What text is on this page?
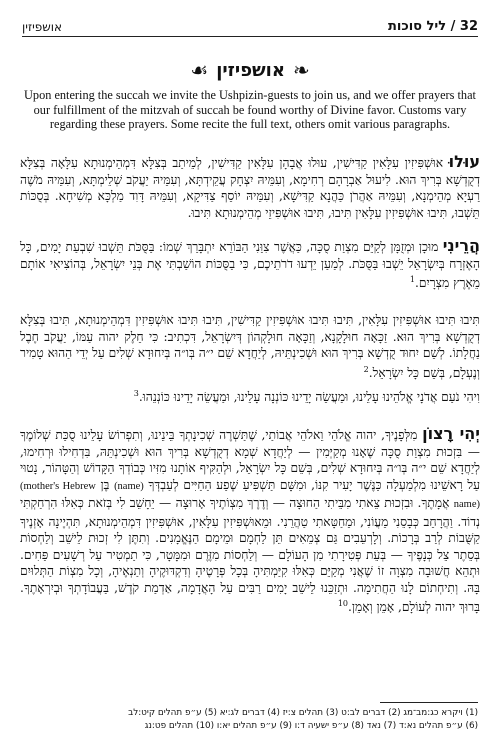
אושפיזין	32 / ליל סוכות
❧
אושפיזין
☙
Upon entering the succah we invite the Ushpizin-guests to join us, and we offer prayers that our fulfillment of the mitzvah of succah be found worthy of Divine favor. Customs vary regarding these prayers. Some recite the full text, others omit various paragraphs.
עוּלוּ אוּשְׁפִּיזִין עִלָּאִין קַדִּישִׁין, עוּלוּ אֲבָהָן עִלָּאִין קַדִּישִׁין, לְמֵיתַב בְּצִלָּא דִּמְהֵימְנוּתָא עִלָּאָה בְּצִלָּא דְקֻדְשָׁא בְּרִיךְ הוּא. לִיעוּל אַבְרָהָם רְחִימָא, וְעִמֵּיהּ יִצְחָק עֲקֵידְתָּא, וְעִמֵּיהּ יַעֲקֹב שְׁלֵימְתָּא, וְעִמֵּיהּ מֹשֶׁה רַעְיָא מְהֵימְנָא, וְעִמֵּיהּ אַהֲרֹן כַּהֲנָא קַדִּישָׁא, וְעִמֵּיהּ יוֹסֵף צַדִּיקָא, וְעִמֵּיהּ דָּוִד מַלְכָּא מְשִׁיחָא. בְּסֻכּוֹת תֵּשְׁבוּ, תִּיבוּ אוּשְׁפִּיזִין עִלָּאִין תִּיבוּ, תִּיבוּ אוּשְׁפִּיזֵי מְהֵימְנוּתָא תִּיבוּ.
הֲרֵינִי מוּכָן וּמְזֻמָּן לְקַיֵּם מִצְוַת סֻכָּה, כַּאֲשֶׁר צִוַּנִי הַבּוֹרֵא יִתְבָּרַךְ שְׁמוֹ: בַּסֻּכֹּת תֵּשְׁבוּ שִׁבְעַת יָמִים, כָּל הָאֶזְרָח בְּיִשְׂרָאֵל יֵשְׁבוּ בַּסֻּכֹּת. לְמַעַן יֵדְעוּ דֹרֹתֵיכֶם, כִּי בַסֻּכּוֹת הוֹשַׁבְתִּי אֶת בְּנֵי יִשְׂרָאֵל, בְּהוֹצִיאִי אוֹתָם מֵאֶרֶץ מִצְרָיִם.$^1$
תִּיבוּ תִּיבוּ אוּשְׁפִּיזִין עִלָּאִין, תִּיבוּ תִּיבוּ אוּשְׁפִּיזִין קַדִּישִׁין, תִּיבוּ תִּיבוּ אוּשְׁפִּיזִין דִּמְהֵימְנוּתָא, תִּיבוּ בְּצִלָּא דְקֻדְשָׁא בְּרִיךְ הוּא. זַכָּאָה חוּלָקָנָא, וְזַכָּאָה חוּלָקְהוֹן דְּיִשְׂרָאֵל, דִּכְתִיב: כִּי חֵלֶק יהוה עַמּוֹ, יַעֲקֹב חֶבֶל נַחֲלָתוֹ. לְשֵׁם יִחוּד קֻדְשָׁא בְּרִיךְ הוּא וּשְׁכִינְתֵּיהּ, לְיַחֲדָא שֵׁם י״ה בְּו״ה בְּיִחוּדָא שְׁלִים עַל יְדֵי הַהוּא טָמִיר וְנֶעְלָם, בְּשֵׁם כָּל יִשְׂרָאֵל.$^2$
וִיהִי נֹעַם אֲדֹנָי אֱלֹהֵינוּ עָלֵינוּ, וּמַעֲשֵׂה יָדֵינוּ כּוֹנְנָה עָלֵינוּ, וּמַעֲשֵׂה יָדֵינוּ כּוֹנְנֵהוּ.$^3$
יְהִי רָצוֹן מִלְּפָנֶיךָ, יהוה אֱלֹהַי וֵאלֹהֵי אֲבוֹתַי, שֶׁתַּשְׁרֶה שְׁכִינָתְךָ בֵּינֵינוּ, וְתִפְרוֹשׂ עָלֵינוּ סֻכַּת שְׁלוֹמֶךָ — בִּזְכוּת מִצְוַת סֻכָּה שֶׁאָנוּ מְקַיְּמִין — לְיַחֲדָא שְׁמָא דְקֻדְשָׁא בְּרִיךְ הוּא וּשְׁכִינְתֵּהּ, בִּדְחִילוּ וּרְחִימוּ, לְיַחֲדָא שֵׁם י״ה בְּו״ה בְּיִחוּדָא שְׁלִים, בְּשֵׁם כָּל יִשְׂרָאֵל, וּלְהַקִּיף אוֹתָנוּ מִזִּיו כְּבוֹדְךָ הַקָּדוֹשׁ וְהַטָּהוֹר, נָטוּי עַל רָאשֵׁינוּ מִלְמַעְלָה כַּנֶּשֶׁר יָעִיר קִנּוֹ, וּמִשָּׁם תַּשְׁפִּיעַ שֶׁפַע הַחַיִּים לְעַבְדְּךָ (name) בֶּן (mother's Hebrew name) אֲמָתֶךָ. וּבִזְכוּת צֵאתִי מִבֵּיתִי הַחוּצָה — וְדֶרֶךְ מִצְוֹתֶיךָ אָרוּצָה — יֵחָשֵׁב לִי בְּזֹאת כְּאִלּוּ הִרְחַקְתִּי נְדוֹד. וַהֲרָחֵב כְּבָסֵנִי מֵעֲוֹנִי, וּמֵחַטָּאתִי טַהֲרֵנִי. וּמֵאוּשְׁפִּיזִין עִלָּאִין, אוּשְׁפִּיזִין דִּמְהֵימְנוּתָא, תִּהְיֶינָה אָזְנֶיךָ קַשֻּׁבוֹת לְרַב בְּרָכוֹת. וְלָרְעֵבִים גַּם צְמֵאִים תֵּן לַחְמָם וּמֵימָם הַנֶּאֱמָנִים. וְתִתֶּן לִי זְכוּת לֵישֵׁב וְלַחְסוֹת בְּסֵתֶר צֵל כְּנָפֶיךָ — בְּעֵת פְּטִירָתִי מִן הָעוֹלָם — וְלַחְסוֹת מִזֶּרֶם וּמִמָּטָר, כִּי תַמְטִיר עַל רְשָׁעִים פַּחִים. וּתְהֵא חֲשׁוּבָה מִצְוָה זוֹ שֶׁאֲנִי מְקַיֵּם כְּאִלּוּ קִיַּמְתִּיהָ בְּכָל פְּרָטֶיהָ וְדִקְדּוּקֶיהָ וְתַנְאֶיהָ, וְכָל מִצְוֹת הַתְּלוּיִם בָּהּ. וְתִיחְתוֹם לָנוּ הַחֲתִימָה. וּתְזַכֵּנוּ לֵישֵׁב יָמִים רַבִּים עַל הָאֲדָמָה, אַדְמַת קֹדֶשׁ, בַּעֲבוֹדָתְךָ וּבְיִרְאָתֶךָ. בָּרוּךְ יהוה לְעוֹלָם, אָמֵן וְאָמֵן.$^{10}$
(1) ויקרא כג:מב־מג (2) דברים לב:ט (3) תהלים צ:יז (4) דברים לג:יא (5) ע״פ תהלים קיט:לב
(6) ע״פ תהלים נא:ד (7) נאד (8) ע״פ ישעיה ד:ו (9) ע״פ תהלים יא:ו (10) תהלים פט:נג
